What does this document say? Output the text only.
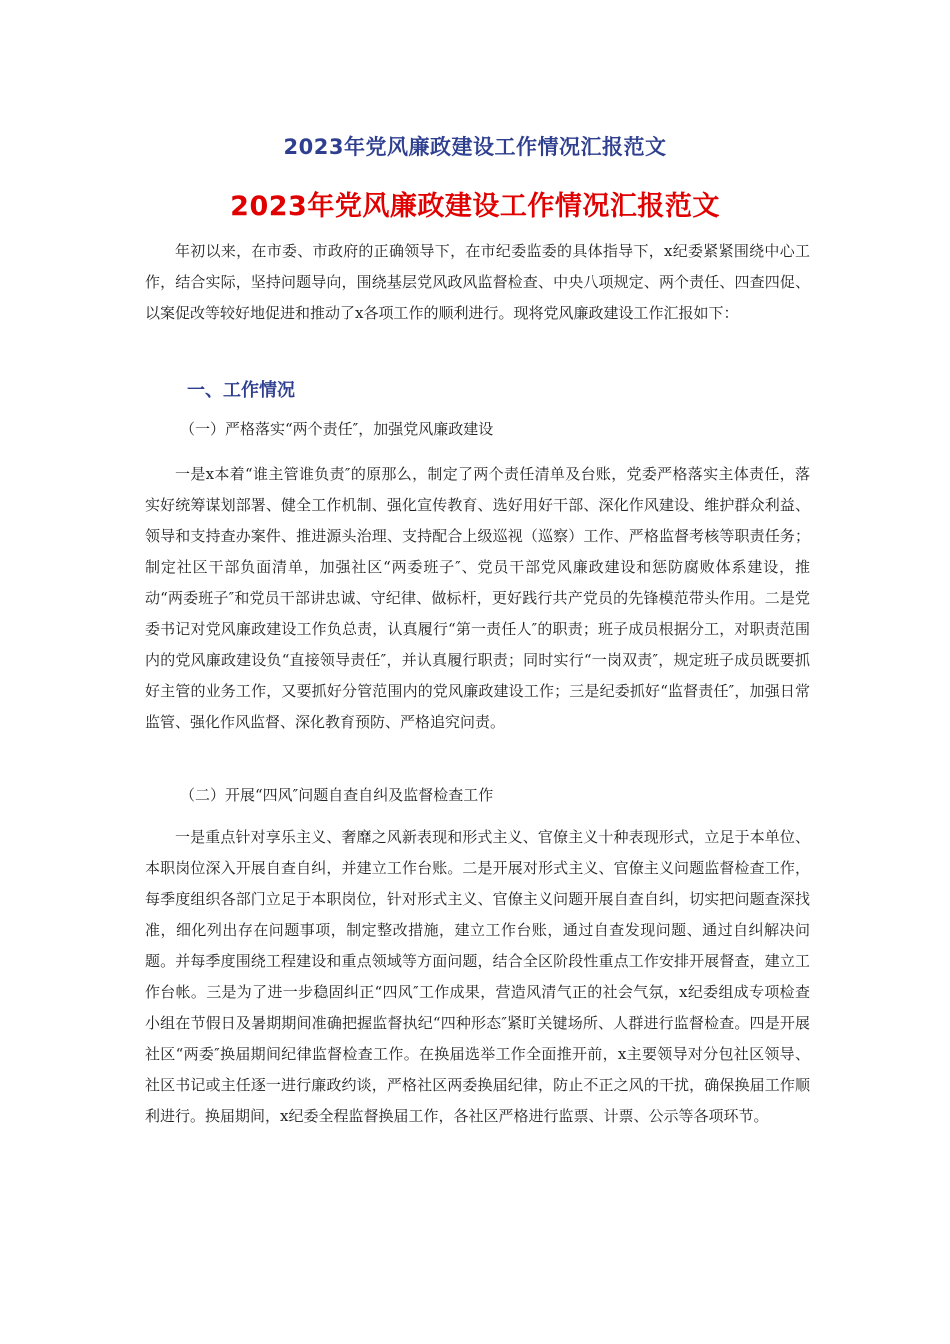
2023年党风廉政建设工作情况汇报范文
2023年党风廉政建设工作情况汇报范文

年初以来，在市委、市政府的正确领导下，在市纪委监委的具体指导下，x纪委紧紧围绕中心工作，结合实际，坚持问题导向，围绕基层党风政风监督检查、中央八项规定、两个责任、四查四促、以案促改等较好地促进和推动了x各项工作的顺利进行。现将党风廉政建设工作汇报如下：

一、工作情况

（一）严格落实“两个责任″，加强党风廉政建设

一是x本着“谁主管谁负责″的原那么，制定了两个责任清单及台账，党委严格落实主体责任，落实好统筹谋划部署、健全工作机制、强化宣传教育、选好用好干部、深化作风建设、维护群众利益、领导和支持查办案件、推进源头治理、支持配合上级巡视（巡察）工作、严格监督考核等职责任务；制定社区干部负面清单，加强社区“两委班子″、党员干部党风廉政建设和惩防腐败体系建设，推动“两委班子″和党员干部讲忠诚、守纪律、做标杆，更好践行共产党员的先锋模范带头作用。二是党委书记对党风廉政建设工作负总责，认真履行“第一责任人″的职责；班子成员根据分工，对职责范围内的党风廉政建设负“直接领导责任″，并认真履行职责；同时实行“一岗双责″，规定班子成员既要抓好主管的业务工作，又要抓好分管范围内的党风廉政建设工作；三是纪委抓好“监督责任″，加强日常监管、强化作风监督、深化教育预防、严格追究问责。

（二）开展“四风″问题自查自纠及监督检查工作

一是重点针对享乐主义、奢靡之风新表现和形式主义、官僚主义十种表现形式，立足于本单位、本职岗位深入开展自查自纠，并建立工作台账。二是开展对形式主义、官僚主义问题监督检查工作，每季度组织各部门立足于本职岗位，针对形式主义、官僚主义问题开展自查自纠，切实把问题查深找准，细化列出存在问题事项，制定整改措施，建立工作台账，通过自查发现问题、通过自纠解决问题。并每季度围绕工程建设和重点领域等方面问题，结合全区阶段性重点工作安排开展督查，建立工作台帐。三是为了进一步稳固纠正“四风″工作成果，营造风清气正的社会气氛，x纪委组成专项检查小组在节假日及暑期期间准确把握监督执纪“四种形态″紧盯关键场所、人群进行监督检查。四是开展社区“两委″换届期间纪律监督检查工作。在换届选举工作全面推开前，x主要领导对分包社区领导、社区书记或主任逐一进行廉政约谈，严格社区两委换届纪律，防止不正之风的干扰，确保换届工作顺利进行。换届期间，x纪委全程监督换届工作，各社区严格进行监票、计票、公示等各项环节。
